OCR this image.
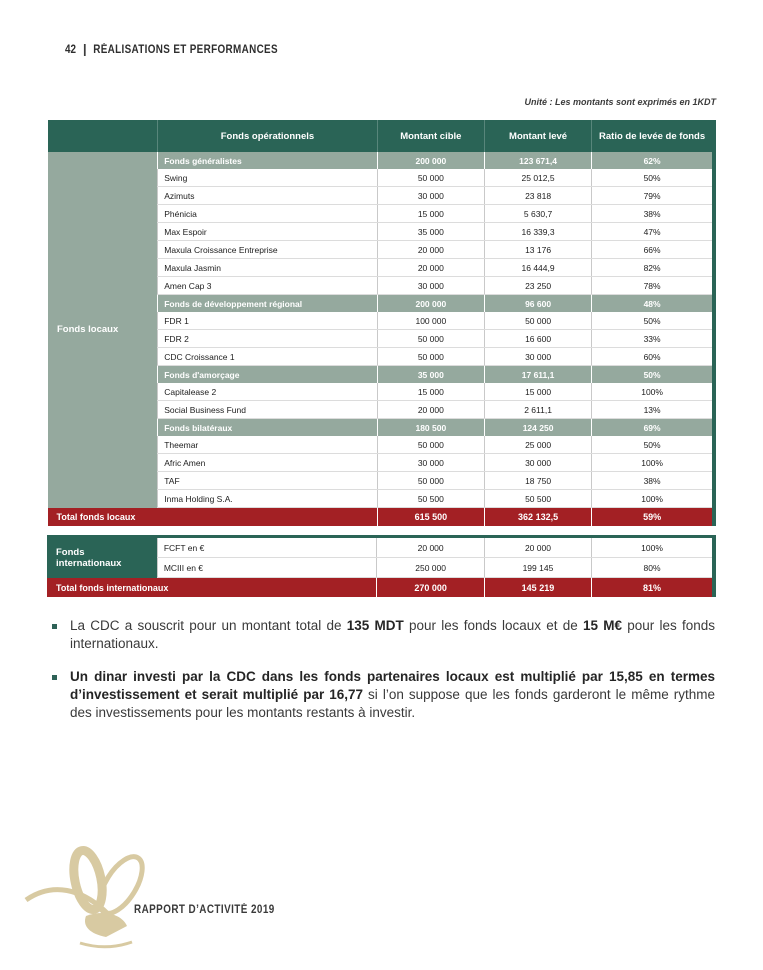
42 RÉALISATIONS ET PERFORMANCES
Unité : Les montants sont exprimés en 1KDT
	Fonds opérationnels	Montant cible	Montant levé	Ratio de levée de fonds
Fonds locaux	Fonds généralistes	200 000	123 671,4	62%
	Swing	50 000	25 012,5	50%
	Azimuts	30 000	23 818	79%
	Phénicia	15 000	5 630,7	38%
	Max Espoir	35 000	16 339,3	47%
	Maxula Croissance Entreprise	20 000	13 176	66%
	Maxula Jasmin	20 000	16 444,9	82%
	Amen Cap 3	30 000	23 250	78%
	Fonds de développement régional	200 000	96 600	48%
	FDR 1	100 000	50 000	50%
	FDR 2	50 000	16 600	33%
	CDC Croissance 1	50 000	30 000	60%
	Fonds d'amorçage	35 000	17 611,1	50%
	Capitalease 2	15 000	15 000	100%
	Social Business Fund	20 000	2 611,1	13%
	Fonds bilatéraux	180 500	124 250	69%
	Theemar	50 000	25 000	50%
	Afric Amen	30 000	30 000	100%
	TAF	50 000	18 750	38%
	Inma Holding S.A.	50 500	50 500	100%
Total fonds locaux		615 500	362 132,5	59%
Fonds internationaux	FCFT en €	20 000	20 000	100%
	MCIII en €	250 000	199 145	80%
Total fonds internationaux		270 000	145 219	81%

La CDC a souscrit pour un montant total de 135 MDT pour les fonds locaux et de 15 M€ pour les fonds internationaux.

Un dinar investi par la CDC dans les fonds partenaires locaux est multiplié par 15,85 en termes d’investissement et serait multiplié par 16,77 si l’on suppose que les fonds garderont le même rythme des investissements pour les montants restants à investir.

RAPPORT D’ACTIVITÉ 2019
